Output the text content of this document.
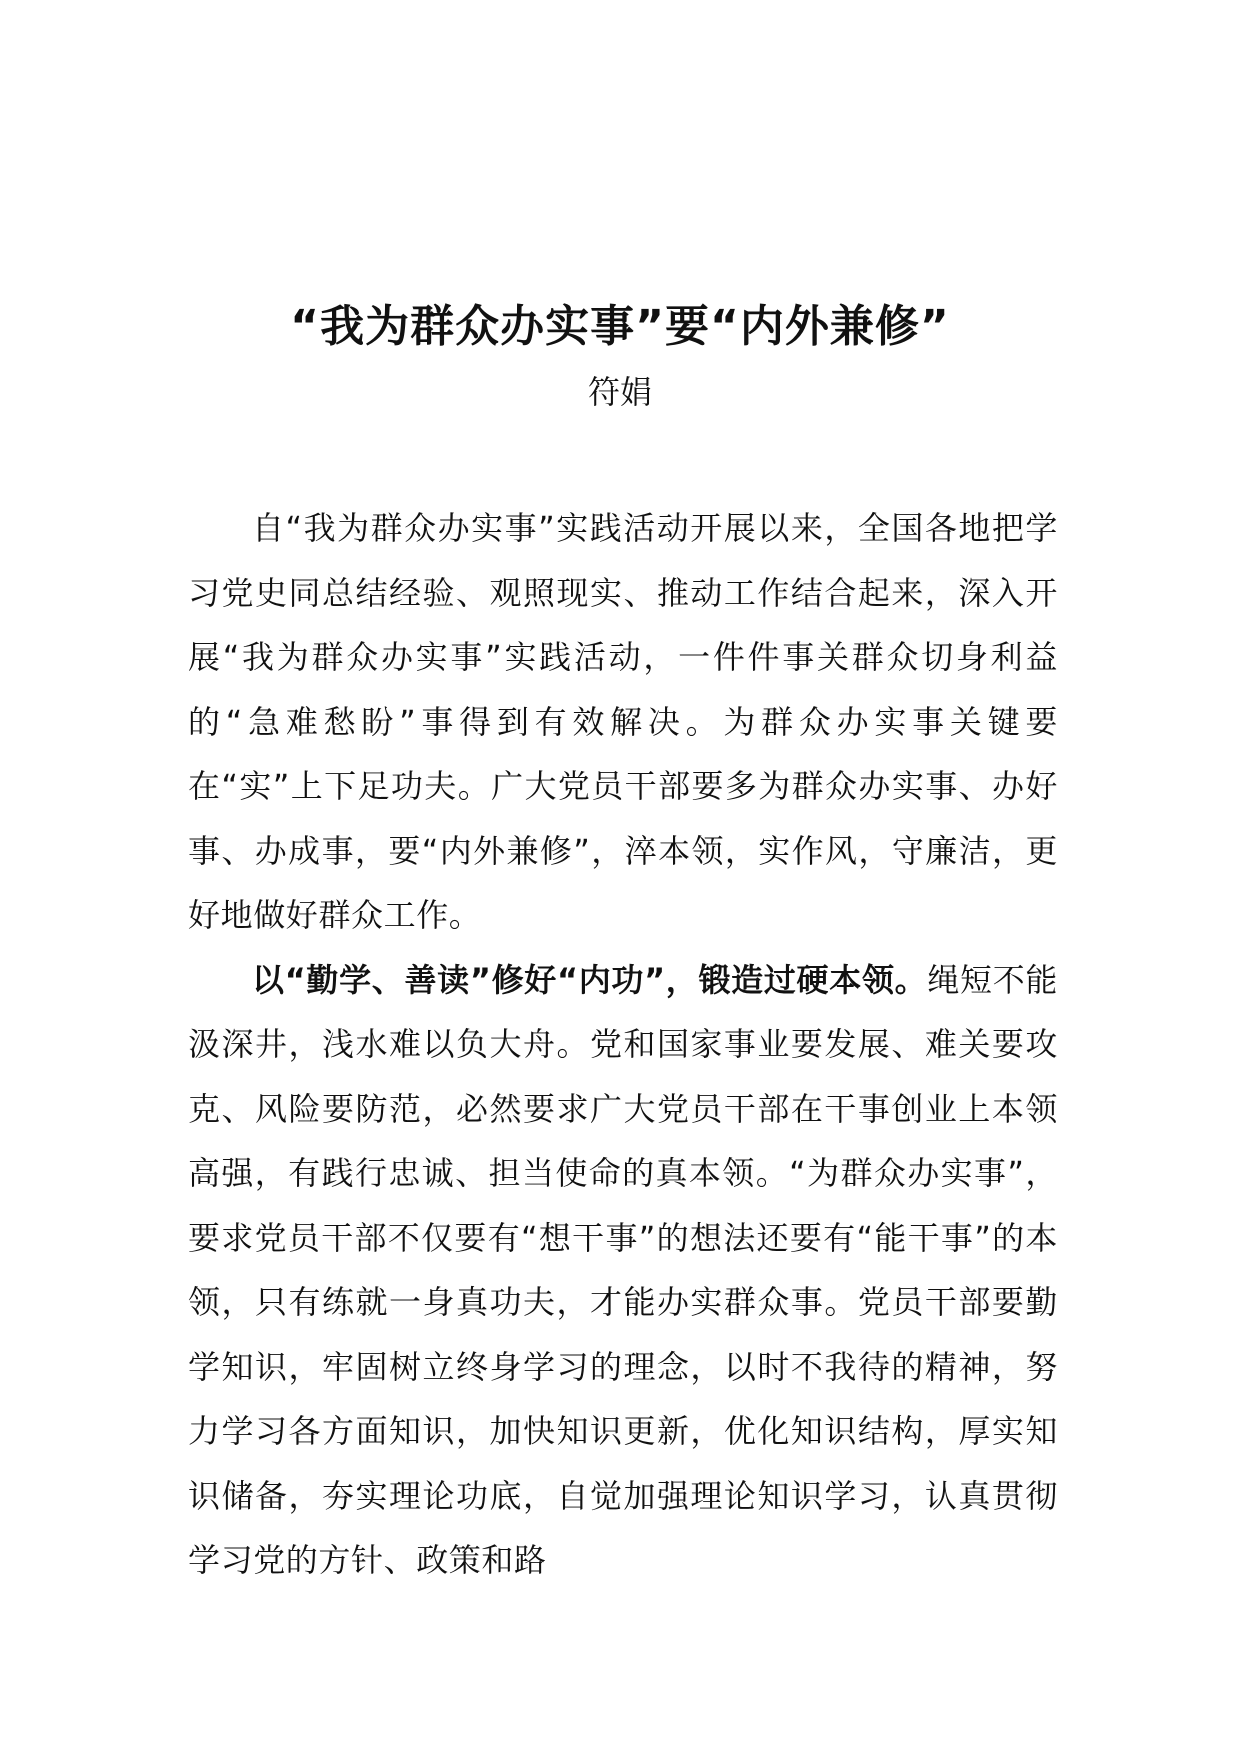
“我为群众办实事”要“内外兼修”

符娟

自“我为群众办实事”实践活动开展以来，全国各地把学习党史同总结经验、观照现实、推动工作结合起来，深入开展“我为群众办实事”实践活动，一件件事关群众切身利益的“急难愁盼”事得到有效解决。为群众办实事关键要在“实”上下足功夫。广大党员干部要多为群众办实事、办好事、办成事，要“内外兼修”，淬本领，实作风，守廉洁，更好地做好群众工作。

以“勤学、善读”修好“内功”，锻造过硬本领。绳短不能汲深井，浅水难以负大舟。党和国家事业要发展、难关要攻克、风险要防范，必然要求广大党员干部在干事创业上本领高强，有践行忠诚、担当使命的真本领。“为群众办实事”，要求党员干部不仅要有“想干事”的想法还要有“能干事”的本领，只有练就一身真功夫，才能办实群众事。党员干部要勤学知识，牢固树立终身学习的理念，以时不我待的精神，努力学习各方面知识，加快知识更新，优化知识结构，厚实知识储备，夯实理论功底，自觉加强理论知识学习，认真贯彻学习党的方针、政策和路
